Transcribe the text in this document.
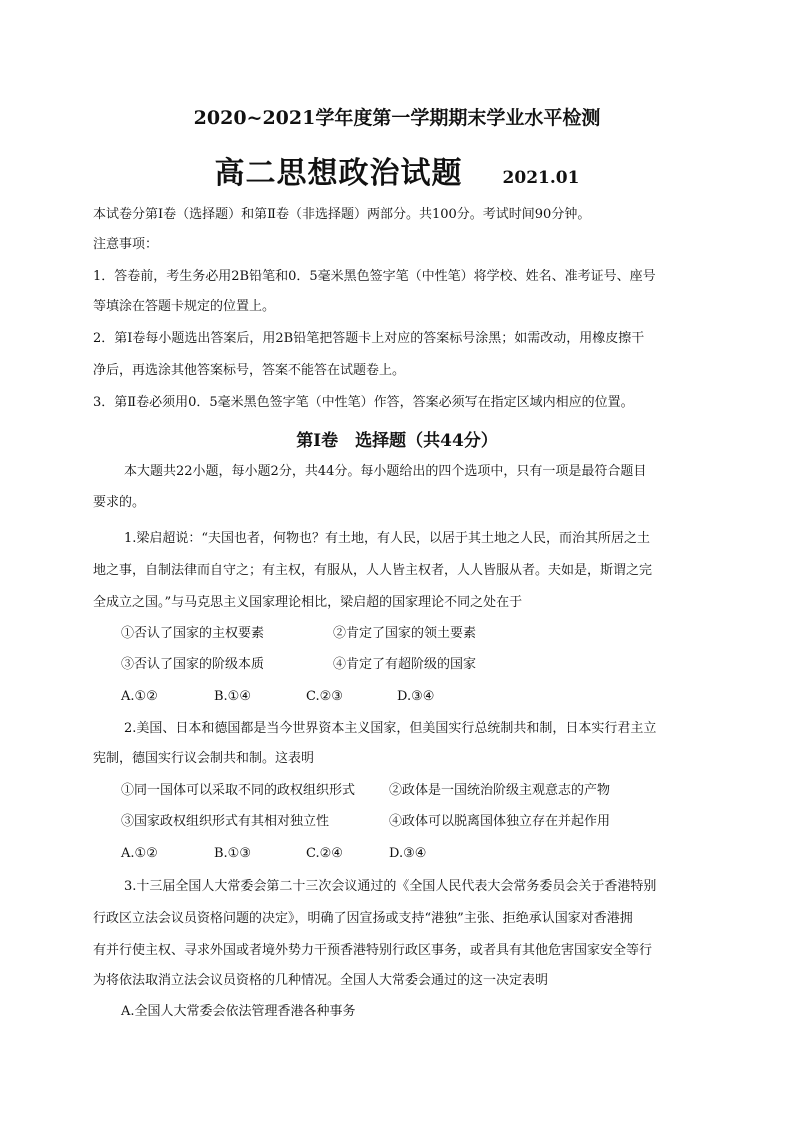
2020~2021学年度第一学期期末学业水平检测
高二思想政治试题 2021.01
本试卷分第Ⅰ卷（选择题）和第Ⅱ卷（非选择题）两部分。共100分。考试时间90分钟。
注意事项：
1．答卷前，考生务必用2B铅笔和0．5毫米黑色签字笔（中性笔）将学校、姓名、准考证号、座号
等填涂在答题卡规定的位置上。
2．第Ⅰ卷每小题选出答案后，用2B铅笔把答题卡上对应的答案标号涂黑；如需改动，用橡皮擦干
净后，再选涂其他答案标号，答案不能答在试题卷上。
3．第Ⅱ卷必须用0．5毫米黑色签字笔（中性笔）作答，答案必须写在指定区域内相应的位置。
第Ⅰ卷　选择题（共44分）
本大题共22小题，每小题2分，共44分。每小题给出的四个选项中，只有一项是最符合题目
要求的。
1.梁启超说：“夫国也者，何物也？有土地，有人民，以居于其土地之人民，而治其所居之土
地之事，自制法律而自守之；有主权，有服从，人人皆主权者，人人皆服从者。夫如是，斯谓之完
全成立之国。”与马克思主义国家理论相比，梁启超的国家理论不同之处在于
①否认了国家的主权要素	②肯定了国家的领土要素
③否认了国家的阶级本质	④肯定了有超阶级的国家
A.①②	B.①④	C.②③	D.③④
2.美国、日本和德国都是当今世界资本主义国家，但美国实行总统制共和制，日本实行君主立
宪制，德国实行议会制共和制。这表明
①同一国体可以采取不同的政权组织形式	②政体是一国统治阶级主观意志的产物
③国家政权组织形式有其相对独立性	④政体可以脱离国体独立存在并起作用
A.①②	B.①③	C.②④	D.③④
3.十三届全国人大常委会第二十三次会议通过的《全国人民代表大会常务委员会关于香港特别
行政区立法会议员资格问题的决定》，明确了因宣扬或支持“港独”主张、拒绝承认国家对香港拥
有并行使主权、寻求外国或者境外势力干预香港特别行政区事务，或者具有其他危害国家安全等行
为将依法取消立法会议员资格的几种情况。全国人大常委会通过的这一决定表明
A.全国人大常委会依法管理香港各种事务
